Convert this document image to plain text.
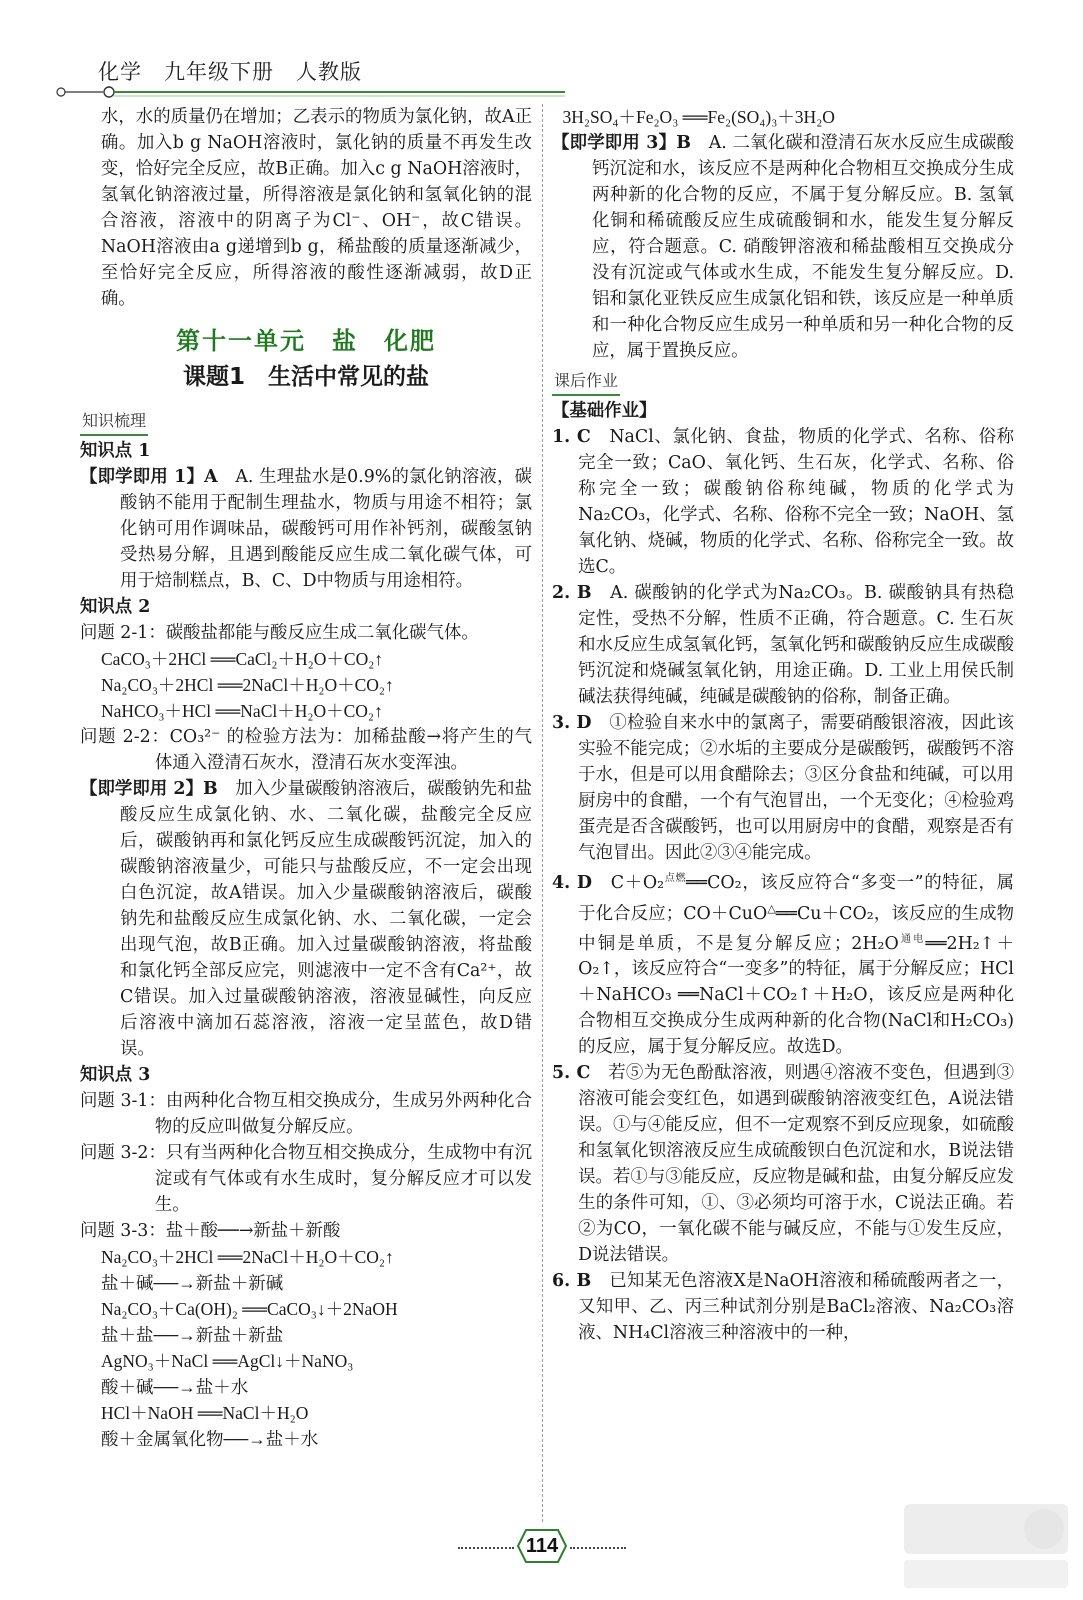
化学　九年级下册　人教版

水，水的质量仍在增加；乙表示的物质为氯化钠，故A正确。加入b g NaOH溶液时，氯化钠的质量不再发生改变，恰好完全反应，故B正确。加入c g NaOH溶液时，氢氧化钠溶液过量，所得溶液是氯化钠和氢氧化钠的混合溶液，溶液中的阴离子为Cl⁻、OH⁻，故C错误。NaOH溶液由a g递增到b g，稀盐酸的质量逐渐减少，至恰好完全反应，所得溶液的酸性逐渐减弱，故D正确。

第十一单元　盐　化肥
课题1　生活中常见的盐
知识梳理

知识点 1

【即学即用 1】A　 A. 生理盐水是0.9%的氯化钠溶液，碳酸钠不能用于配制生理盐水，物质与用途不相符；氯化钠可用作调味品，碳酸钙可用作补钙剂，碳酸氢钠受热易分解，且遇到酸能反应生成二氧化碳气体，可用于焙制糕点，B、C、D中物质与用途相符。

知识点 2

问题 2-1：碳酸盐都能与酸反应生成二氧化碳气体。

CaCO₃＋2HCl ══CaCl₂＋H₂O＋CO₂↑

Na₂CO₃＋2HCl ══2NaCl＋H₂O＋CO₂↑

NaHCO₃＋HCl ══NaCl＋H₂O＋CO₂↑

问题 2-2：CO₃²⁻ 的检验方法为：加稀盐酸→将产生的气体通入澄清石灰水，澄清石灰水变浑浊。

【即学即用 2】B　 加入少量碳酸钠溶液后，碳酸钠先和盐酸反应生成氯化钠、水、二氧化碳，盐酸完全反应后，碳酸钠再和氯化钙反应生成碳酸钙沉淀，加入的碳酸钠溶液量少，可能只与盐酸反应，不一定会出现白色沉淀，故A错误。加入少量碳酸钠溶液后，碳酸钠先和盐酸反应生成氯化钠、水、二氧化碳，一定会出现气泡，故B正确。加入过量碳酸钠溶液，将盐酸和氯化钙全部反应完，则滤液中一定不含有Ca²⁺，故C错误。加入过量碳酸钠溶液，溶液显碱性，向反应后溶液中滴加石蕊溶液，溶液一定呈蓝色，故D错误。

知识点 3

问题 3-1：由两种化合物互相交换成分，生成另外两种化合物的反应叫做复分解反应。

问题 3-2：只有当两种化合物互相交换成分，生成物中有沉淀或有气体或有水生成时，复分解反应才可以发生。

问题 3-3：盐＋酸──→新盐＋新酸

Na₂CO₃＋2HCl ══2NaCl＋H₂O＋CO₂↑

盐＋碱──→新盐＋新碱

Na₂CO₃＋Ca(OH)₂ ══CaCO₃↓＋2NaOH

盐＋盐──→新盐＋新盐

AgNO₃＋NaCl ══AgCl↓＋NaNO₃

酸＋碱──→盐＋水

HCl＋NaOH ══NaCl＋H₂O

酸＋金属氧化物──→盐＋水

3H₂SO₄＋Fe₂O₃ ══Fe₂(SO₄)₃＋3H₂O

【即学即用 3】B　 A. 二氧化碳和澄清石灰水反应生成碳酸钙沉淀和水，该反应不是两种化合物相互交换成分生成两种新的化合物的反应，不属于复分解反应。B. 氢氧化铜和稀硫酸反应生成硫酸铜和水，能发生复分解反应，符合题意。C. 硝酸钾溶液和稀盐酸相互交换成分没有沉淀或气体或水生成，不能发生复分解反应。D. 铝和氯化亚铁反应生成氯化铝和铁，该反应是一种单质和一种化合物反应生成另一种单质和另一种化合物的反应，属于置换反应。

课后作业

【基础作业】

1. C　 NaCl、氯化钠、食盐，物质的化学式、名称、俗称完全一致；CaO、氧化钙、生石灰，化学式、名称、俗称完全一致；碳酸钠俗称纯碱，物质的化学式为Na₂CO₃，化学式、名称、俗称不完全一致；NaOH、氢氧化钠、烧碱，物质的化学式、名称、俗称完全一致。故选C。

2. B　 A. 碳酸钠的化学式为Na₂CO₃。B. 碳酸钠具有热稳定性，受热不分解，性质不正确，符合题意。C. 生石灰和水反应生成氢氧化钙，氢氧化钙和碳酸钠反应生成碳酸钙沉淀和烧碱氢氧化钠，用途正确。D. 工业上用侯氏制碱法获得纯碱，纯碱是碳酸钠的俗称，制备正确。

3. D　 ①检验自来水中的氯离子，需要硝酸银溶液，因此该实验不能完成；②水垢的主要成分是碳酸钙，碳酸钙不溶于水，但是可以用食醋除去；③区分食盐和纯碱，可以用厨房中的食醋，一个有气泡冒出，一个无变化；④检验鸡蛋壳是否含碳酸钙，也可以用厨房中的食醋，观察是否有气泡冒出。因此②③④能完成。

4. D　 C＋O₂$^{点燃}$══CO₂，该反应符合“多变一”的特征，属于化合反应；CO＋CuO△══Cu＋CO₂，该反应的生成物中铜是单质，不是复分解反应；$2H_2O^{通电}══2H_2↑+O_2↑$，该反应符合“一变多”的特征，属于分解反应；HCl＋NaHCO₃ ══NaCl＋CO₂↑＋H₂O，该反应是两种化合物相互交换成分生成两种新的化合物(NaCl和H₂CO₃)的反应，属于复分解反应。故选D。

5. C　 若⑤为无色酚酞溶液，则遇④溶液不变色，但遇到③溶液可能会变红色，如遇到碳酸钠溶液变红色，A说法错误。①与④能反应，但不一定观察不到反应现象，如硫酸和氢氧化钡溶液反应生成硫酸钡白色沉淀和水，B说法错误。若①与③能反应，反应物是碱和盐，由复分解反应发生的条件可知，①、③必须均可溶于水，C说法正确。若②为CO，一氧化碳不能与碱反应，不能与①发生反应，D说法错误。

6. B　 已知某无色溶液X是NaOH溶液和稀硫酸两者之一，又知甲、乙、丙三种试剂分别是BaCl₂溶液、Na₂CO₃溶液、NH₄Cl溶液三种溶液中的一种，

114
